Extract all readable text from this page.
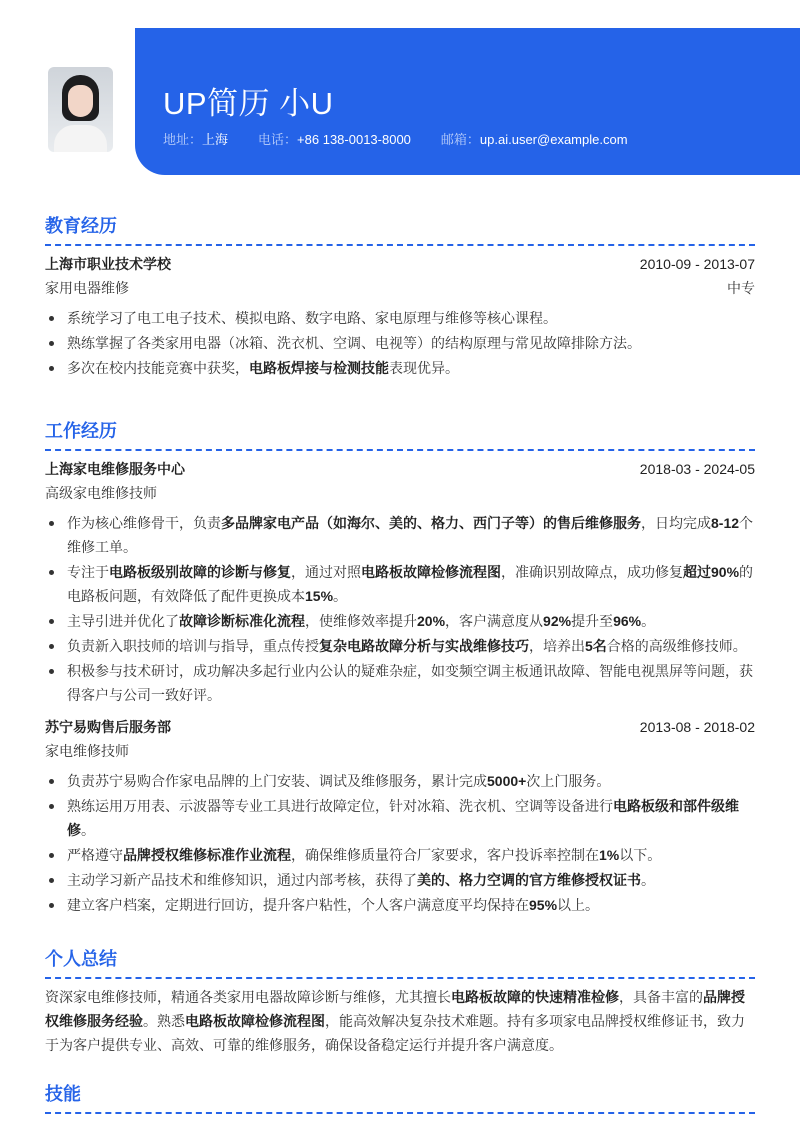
UP简历 小U
地址：上海 电话：+86 138-0013-8000 邮箱：up.ai.user@example.com
教育经历
上海市职业技术学校	2010-09 - 2013-07
家用电器维修	中专
系统学习了电工电子技术、模拟电路、数字电路、家电原理与维修等核心课程。
熟练掌握了各类家用电器（冰箱、洗衣机、空调、电视等）的结构原理与常见故障排除方法。
多次在校内技能竞赛中获奖，电路板焊接与检测技能表现优异。
工作经历
上海家电维修服务中心	2018-03 - 2024-05
高级家电维修技师
作为核心维修骨干，负责多品牌家电产品（如海尔、美的、格力、西门子等）的售后维修服务，日均完成8-12个维修工单。
专注于电路板级别故障的诊断与修复，通过对照电路板故障检修流程图，准确识别故障点，成功修复超过90%的电路板问题，有效降低了配件更换成本15%。
主导引进并优化了故障诊断标准化流程，使维修效率提升20%，客户满意度从92%提升至96%。
负责新入职技师的培训与指导，重点传授复杂电路故障分析与实战维修技巧，培养出5名合格的高级维修技师。
积极参与技术研讨，成功解决多起行业内公认的疑难杂症，如变频空调主板通讯故障、智能电视黑屏等问题，获得客户与公司一致好评。
苏宁易购售后服务部	2013-08 - 2018-02
家电维修技师
负责苏宁易购合作家电品牌的上门安装、调试及维修服务，累计完成5000+次上门服务。
熟练运用万用表、示波器等专业工具进行故障定位，针对冰箱、洗衣机、空调等设备进行电路板级和部件级维修。
严格遵守品牌授权维修标准作业流程，确保维修质量符合厂家要求，客户投诉率控制在1%以下。
主动学习新产品技术和维修知识，通过内部考核，获得了美的、格力空调的官方维修授权证书。
建立客户档案，定期进行回访，提升客户粘性，个人客户满意度平均保持在95%以上。
个人总结
资深家电维修技师，精通各类家用电器故障诊断与维修，尤其擅长电路板故障的快速精准检修，具备丰富的品牌授权维修服务经验。熟悉电路板故障检修流程图，能高效解决复杂技术难题。持有多项家电品牌授权维修证书，致力于为客户提供专业、高效、可靠的维修服务，确保设备稳定运行并提升客户满意度。
技能
